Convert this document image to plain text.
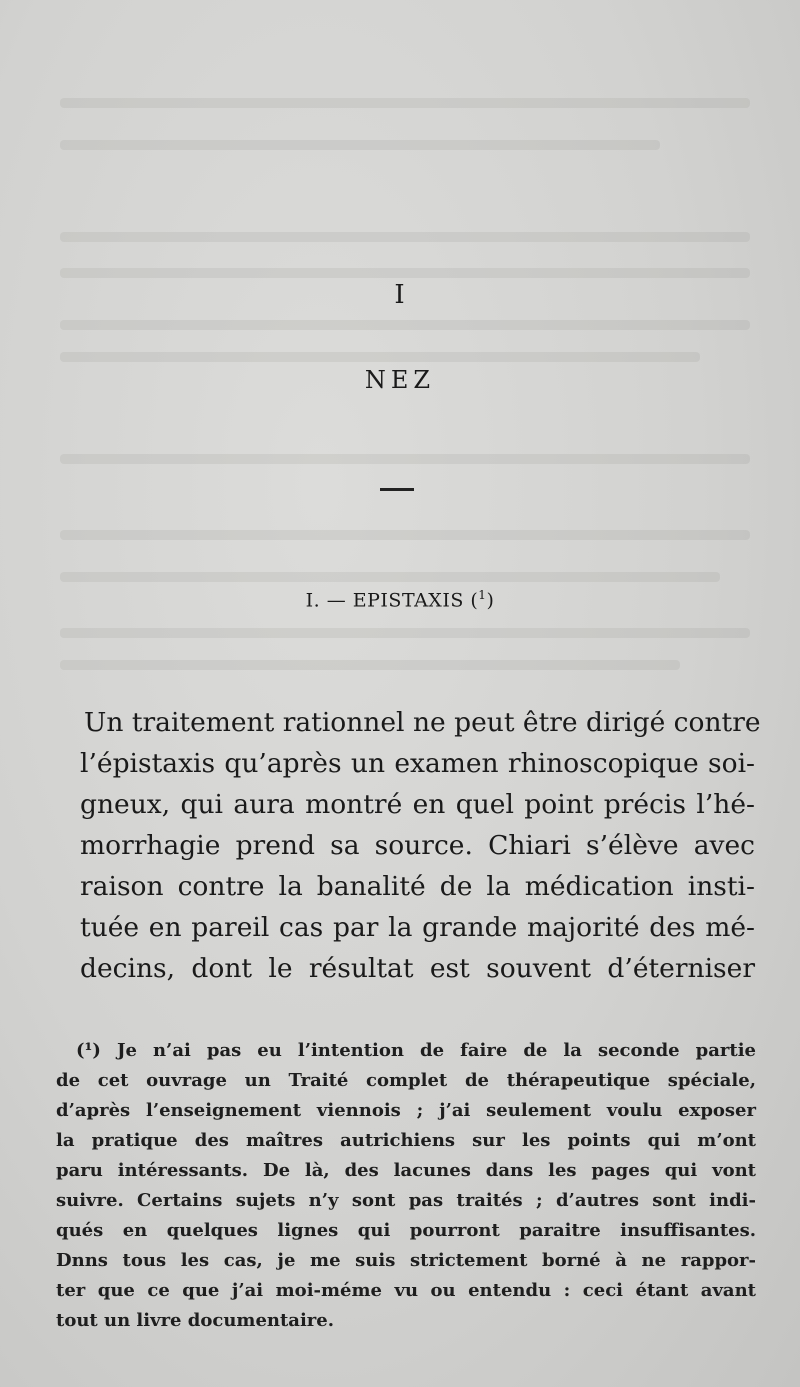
I
NEZ
I. — EPISTAXIS ($^1$)
Un traitement rationnel ne peut être dirigé contre
l’épistaxis qu’après un examen rhinoscopique soi-
gneux, qui aura montré en quel point précis l’hé-
morrhagie prend sa source. Chiari s’élève avec
raison contre la banalité de la médication insti-
tuée en pareil cas par la grande majorité des mé-
decins, dont le résultat est souvent d’éterniser
(¹) Je n’ai pas eu l’intention de faire de la seconde partie
de cet ouvrage un Traité complet de thérapeutique spéciale,
d’après l’enseignement viennois ; j’ai seulement voulu exposer
la pratique des maîtres autrichiens sur les points qui m’ont
paru intéressants. De là, des lacunes dans les pages qui vont
suivre. Certains sujets n’y sont pas traités ; d’autres sont indi-
qués en quelques lignes qui pourront paraitre insuffisantes.
Dnns tous les cas, je me suis strictement borné à ne rappor-
ter que ce que j’ai moi-méme vu ou entendu : ceci étant avant
tout un livre documentaire.
